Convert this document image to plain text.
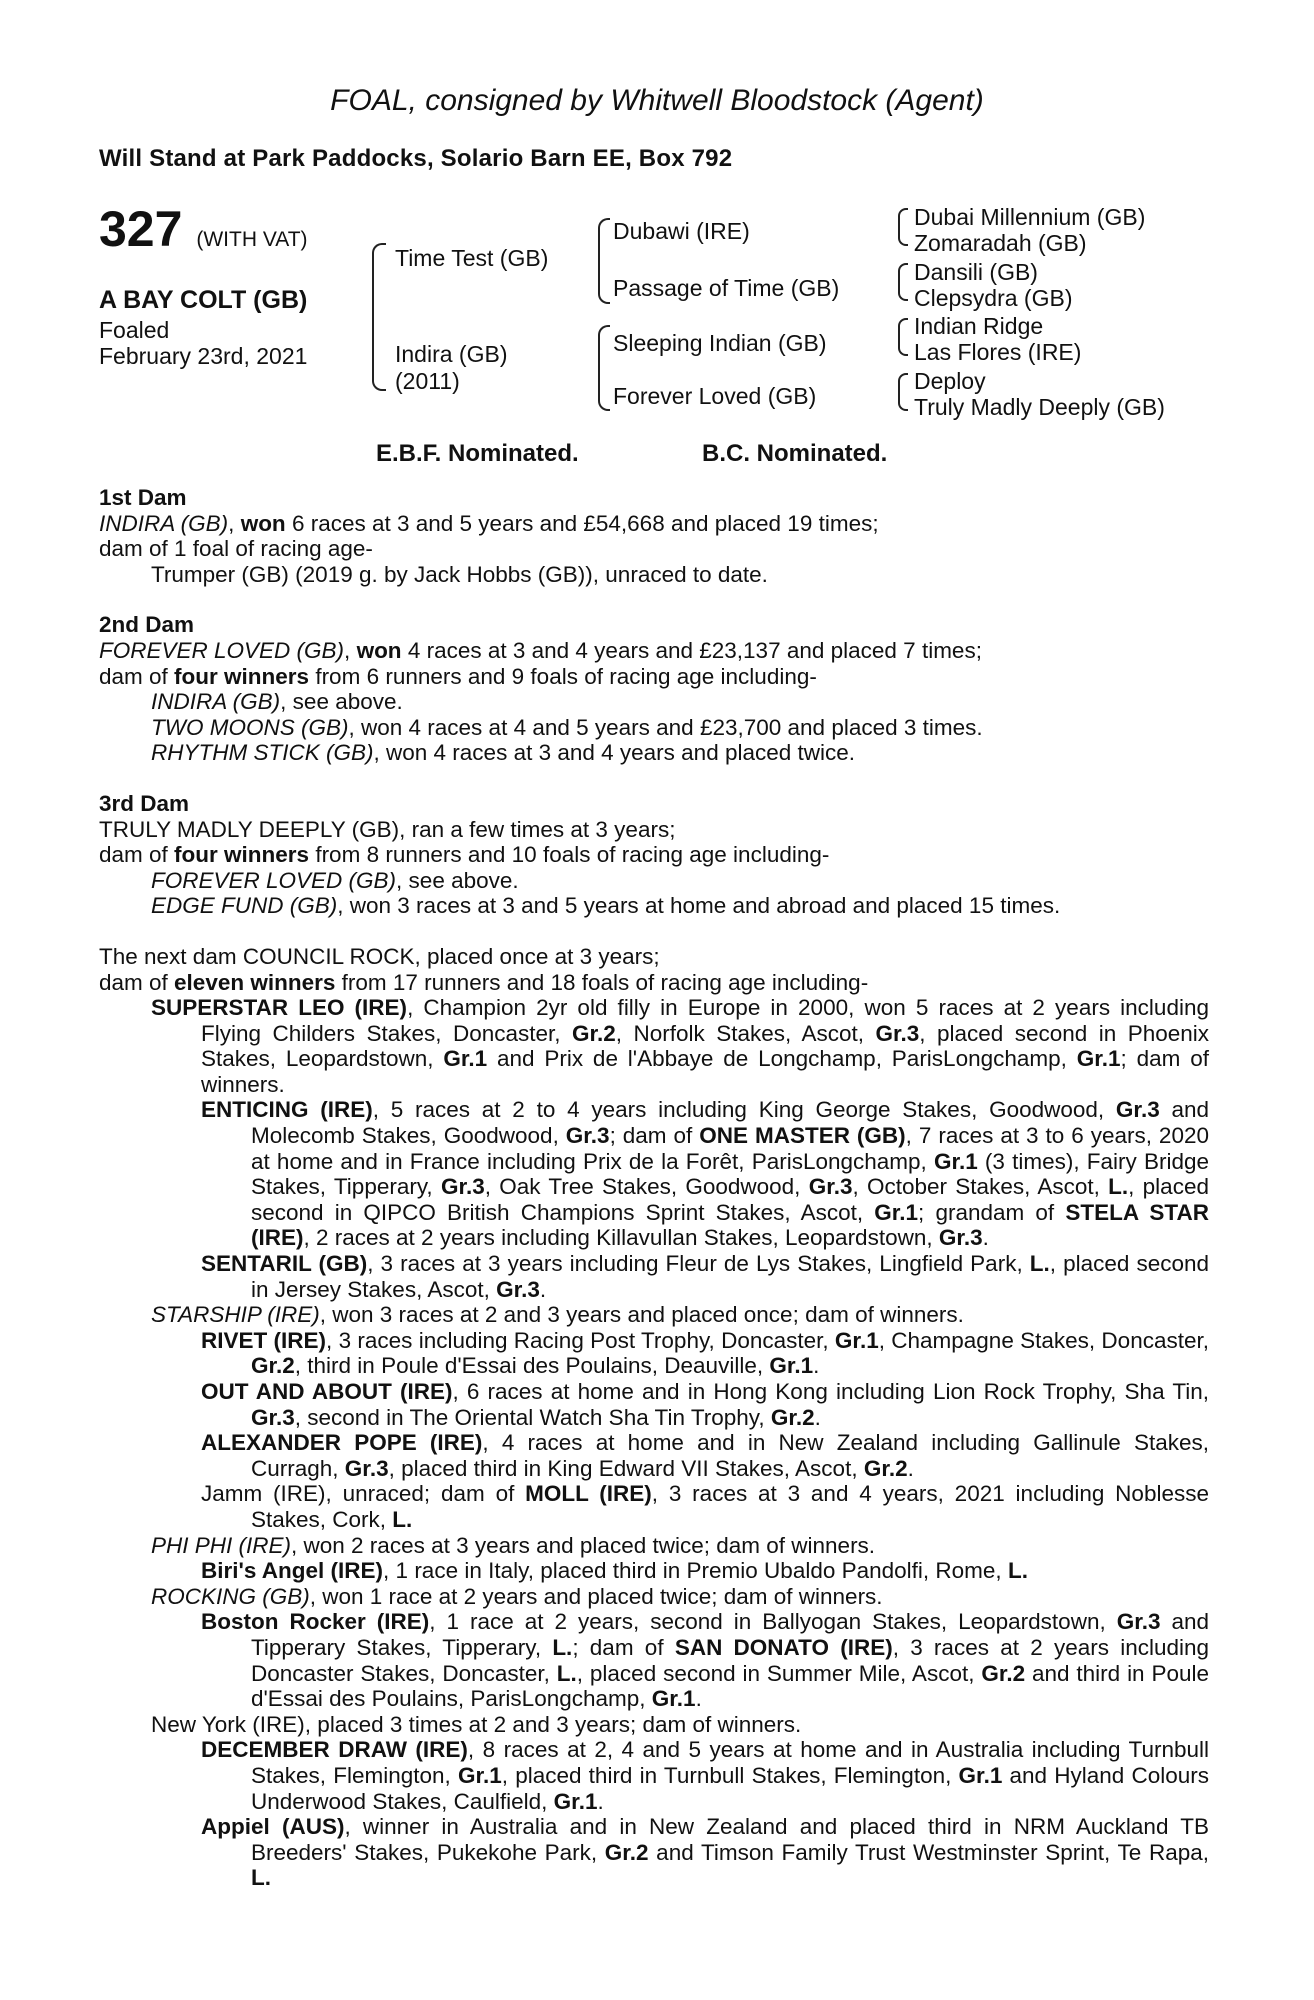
FOAL, consigned by Whitwell Bloodstock (Agent)
Will Stand at Park Paddocks, Solario Barn EE, Box 792
327 (WITH VAT)
A BAY COLT (GB)
Foaled
February 23rd, 2021
Time Test (GB)
Indira (GB)
(2011)
Dubawi (IRE)
Passage of Time (GB)
Sleeping Indian (GB)
Forever Loved (GB)
Dubai Millennium (GB)
Zomaradah (GB)
Dansili (GB)
Clepsydra (GB)
Indian Ridge
Las Flores (IRE)
Deploy
Truly Madly Deeply (GB)
E.B.F. Nominated.	B.C. Nominated.

1st Dam

INDIRA (GB), won 6 races at 3 and 5 years and £54,668 and placed 19 times;

dam of 1 foal of racing age-

Trumper (GB) (2019 g. by Jack Hobbs (GB)), unraced to date.

2nd Dam

FOREVER LOVED (GB), won 4 races at 3 and 4 years and £23,137 and placed 7 times;

dam of four winners from 6 runners and 9 foals of racing age including-

INDIRA (GB), see above.

TWO MOONS (GB), won 4 races at 4 and 5 years and £23,700 and placed 3 times.

RHYTHM STICK (GB), won 4 races at 3 and 4 years and placed twice.

3rd Dam

TRULY MADLY DEEPLY (GB), ran a few times at 3 years;

dam of four winners from 8 runners and 10 foals of racing age including-

FOREVER LOVED (GB), see above.

EDGE FUND (GB), won 3 races at 3 and 5 years at home and abroad and placed 15 times.

The next dam COUNCIL ROCK, placed once at 3 years;

dam of eleven winners from 17 runners and 18 foals of racing age including-

SUPERSTAR LEO (IRE), Champion 2yr old filly in Europe in 2000, won 5 races at 2 years including Flying Childers Stakes, Doncaster, Gr.2, Norfolk Stakes, Ascot, Gr.3, placed second in Phoenix Stakes, Leopardstown, Gr.1 and Prix de l'Abbaye de Longchamp, ParisLongchamp, Gr.1; dam of winners.

ENTICING (IRE), 5 races at 2 to 4 years including King George Stakes, Goodwood, Gr.3 and Molecomb Stakes, Goodwood, Gr.3; dam of ONE MASTER (GB), 7 races at 3 to 6 years, 2020 at home and in France including Prix de la Forêt, ParisLongchamp, Gr.1 (3 times), Fairy Bridge Stakes, Tipperary, Gr.3, Oak Tree Stakes, Goodwood, Gr.3, October Stakes, Ascot, L., placed second in QIPCO British Champions Sprint Stakes, Ascot, Gr.1; grandam of STELA STAR (IRE), 2 races at 2 years including Killavullan Stakes, Leopardstown, Gr.3.

SENTARIL (GB), 3 races at 3 years including Fleur de Lys Stakes, Lingfield Park, L., placed second in Jersey Stakes, Ascot, Gr.3.

STARSHIP (IRE), won 3 races at 2 and 3 years and placed once; dam of winners.

RIVET (IRE), 3 races including Racing Post Trophy, Doncaster, Gr.1, Champagne Stakes, Doncaster, Gr.2, third in Poule d'Essai des Poulains, Deauville, Gr.1.

OUT AND ABOUT (IRE), 6 races at home and in Hong Kong including Lion Rock Trophy, Sha Tin, Gr.3, second in The Oriental Watch Sha Tin Trophy, Gr.2.

ALEXANDER POPE (IRE), 4 races at home and in New Zealand including Gallinule Stakes, Curragh, Gr.3, placed third in King Edward VII Stakes, Ascot, Gr.2.

Jamm (IRE), unraced; dam of MOLL (IRE), 3 races at 3 and 4 years, 2021 including Noblesse Stakes, Cork, L.

PHI PHI (IRE), won 2 races at 3 years and placed twice; dam of winners.

Biri's Angel (IRE), 1 race in Italy, placed third in Premio Ubaldo Pandolfi, Rome, L.

ROCKING (GB), won 1 race at 2 years and placed twice; dam of winners.

Boston Rocker (IRE), 1 race at 2 years, second in Ballyogan Stakes, Leopardstown, Gr.3 and Tipperary Stakes, Tipperary, L.; dam of SAN DONATO (IRE), 3 races at 2 years including Doncaster Stakes, Doncaster, L., placed second in Summer Mile, Ascot, Gr.2 and third in Poule d'Essai des Poulains, ParisLongchamp, Gr.1.

New York (IRE), placed 3 times at 2 and 3 years; dam of winners.

DECEMBER DRAW (IRE), 8 races at 2, 4 and 5 years at home and in Australia including Turnbull Stakes, Flemington, Gr.1, placed third in Turnbull Stakes, Flemington, Gr.1 and Hyland Colours Underwood Stakes, Caulfield, Gr.1.

Appiel (AUS), winner in Australia and in New Zealand and placed third in NRM Auckland TB Breeders' Stakes, Pukekohe Park, Gr.2 and Timson Family Trust Westminster Sprint, Te Rapa, L.
